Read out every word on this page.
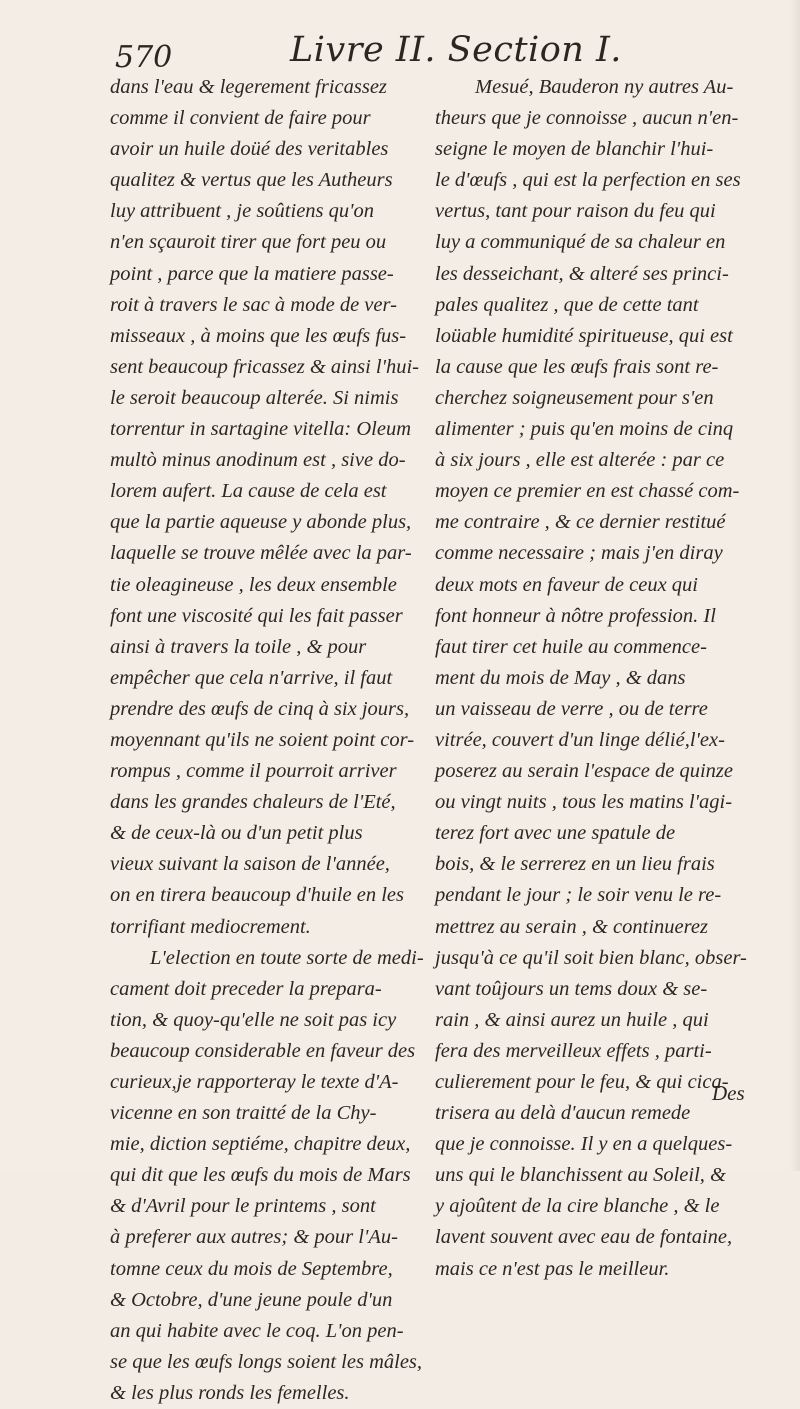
570	Livre II. Section I.
dans l'eau & legerement fricassez
comme il convient de faire pour
avoir un huile doüé des veritables
qualitez & vertus que les Autheurs
luy attribuent , je soûtiens qu'on
n'en sçauroit tirer que fort peu ou
point , parce que la matiere passe-
roit à travers le sac à mode de ver-
misseaux , à moins que les œufs fus-
sent beaucoup fricassez & ainsi l'hui-
le seroit beaucoup alterée. Si nimis
torrentur in sartagine vitella: Oleum
multò minus anodinum est , sive do-
lorem aufert. La cause de cela est
que la partie aqueuse y abonde plus,
laquelle se trouve mêlée avec la par-
tie oleagineuse , les deux ensemble
font une viscosité qui les fait passer
ainsi à travers la toile , & pour
empêcher que cela n'arrive, il faut
prendre des œufs de cinq à six jours,
moyennant qu'ils ne soient point cor-
rompus , comme il pourroit arriver
dans les grandes chaleurs de l'Eté,
& de ceux-là ou d'un petit plus
vieux suivant la saison de l'année,
on en tirera beaucoup d'huile en les
torrifiant mediocrement.
L'election en toute sorte de medi-
cament doit preceder la prepara-
tion, & quoy-qu'elle ne soit pas icy
beaucoup considerable en faveur des
curieux,je rapporteray le texte d'A-
vicenne en son traitté de la Chy-
mie, diction septiéme, chapitre deux,
qui dit que les œufs du mois de Mars
& d'Avril pour le printems , sont
à preferer aux autres; & pour l'Au-
tomne ceux du mois de Septembre,
& Octobre, d'une jeune poule d'un
an qui habite avec le coq. L'on pen-
se que les œufs longs soient les mâles,
& les plus ronds les femelles.
Mesué, Bauderon ny autres Au-
theurs que je connoisse , aucun n'en-
seigne le moyen de blanchir l'hui-
le d'œufs , qui est la perfection en ses
vertus, tant pour raison du feu qui
luy a communiqué de sa chaleur en
les desseichant, & alteré ses princi-
pales qualitez , que de cette tant
loüable humidité spiritueuse, qui est
la cause que les œufs frais sont re-
cherchez soigneusement pour s'en
alimenter ; puis qu'en moins de cinq
à six jours , elle est alterée : par ce
moyen ce premier en est chassé com-
me contraire , & ce dernier restitué
comme necessaire ; mais j'en diray
deux mots en faveur de ceux qui
font honneur à nôtre profession. Il
faut tirer cet huile au commence-
ment du mois de May , & dans
un vaisseau de verre , ou de terre
vitrée, couvert d'un linge délié,l'ex-
poserez au serain l'espace de quinze
ou vingt nuits , tous les matins l'agi-
terez fort avec une spatule de
bois, & le serrerez en un lieu frais
pendant le jour ; le soir venu le re-
mettrez au serain , & continuerez
jusqu'à ce qu'il soit bien blanc, obser-
vant toûjours un tems doux & se-
rain , & ainsi aurez un huile , qui
fera des merveilleux effets , parti-
culierement pour le feu, & qui cica-
trisera au delà d'aucun remede
que je connoisse. Il y en a quelques-
uns qui le blanchissent au Soleil, &
y ajoûtent de la cire blanche , & le
lavent souvent avec eau de fontaine,
mais ce n'est pas le meilleur.
Des
